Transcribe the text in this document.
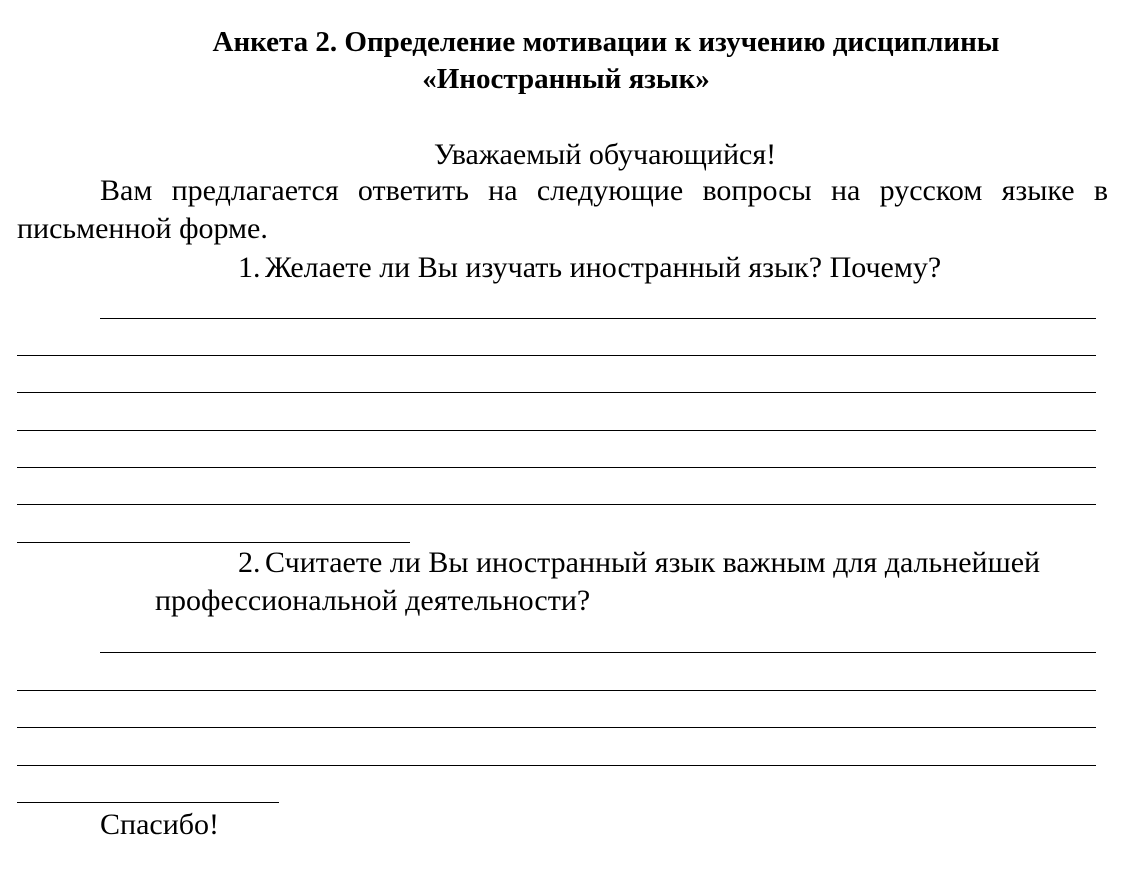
Анкета 2. Определение мотивации к изучению дисциплины
«Иностранный язык»
Уважаемый обучающийся!
Вам предлагается ответить на следующие вопросы на русском языке в
письменной форме.
1. Желаете ли Вы изучать иностранный язык? Почему?
2. Считаете ли Вы иностранный язык важным для дальнейшей
профессиональной деятельности?
Спасибо!
